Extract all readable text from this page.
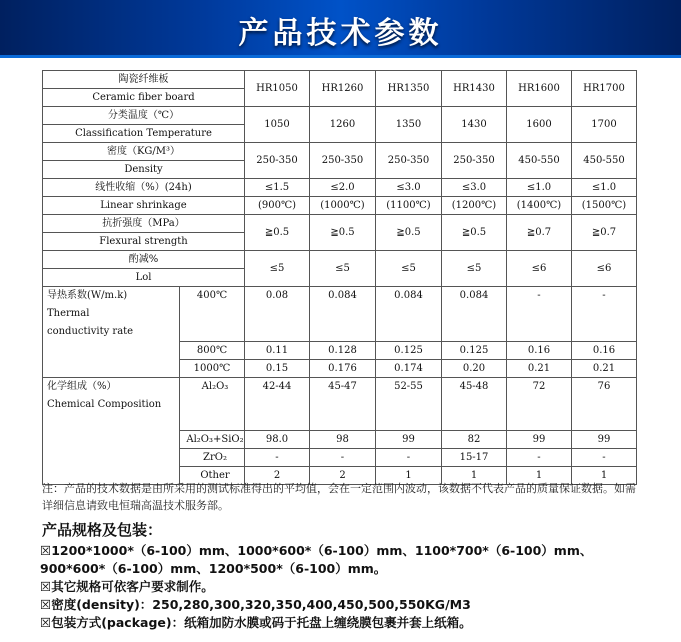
产品技术参数
陶瓷纤维板		HR1050	HR1260	HR1350	HR1430	HR1600	HR1700
Ceramic fiber board							
分类温度（℃）		1050	1260	1350	1430	1600	1700
Classification Temperature							
密度（KG/M³）		250-350	250-350	250-350	250-350	450-550	450-550
Density							
线性收缩（%）(24h)		≤1.5	≤2.0	≤3.0	≤3.0	≤1.0	≤1.0
Linear shrinkage		(900℃)	(1000℃)	(1100℃)	(1200℃)	(1400℃)	(1500℃)
抗折强度（MPa）		≧0.5	≧0.5	≧0.5	≧0.5	≧0.7	≧0.7
Flexural strength							
酌减%		≤5	≤5	≤5	≤5	≤6	≤6
Lol							

导热系数(W/m.k)
Thermal
conductivity rate	400℃	0.08	0.084	0.084	0.084	-	-
	800℃	0.11	0.128	0.125	0.125	0.16	0.16
	1000℃	0.15	0.176	0.174	0.20	0.21	0.21

化学组成（%）
Chemical Composition	Al₂O₃	42-44	45-47	52-55	45-48	72	76
	Al₂O₃+SiO₂	98.0	98	99	82	99	99
	ZrO₂	-	-	-	15-17	-	-
	Other	2	2	1	1	1	1
注：产品的技术数据是由所采用的测试标准得出的平均值，会在一定范围内波动，该数据不代表产品的质量保证数据。如需详细信息请致电恒瑞高温技术服务部。
产品规格及包装：
☒1200*1000*（6-100）mm、1000*600*（6-100）mm、1100*700*（6-100）mm、
900*600*（6-100）mm、1200*500*（6-100）mm。
☒其它规格可依客户要求制作。
☒密度(density)：250,280,300,320,350,400,450,500,550KG/M3
☒包装方式(package)：纸箱加防水膜或码于托盘上缠绕膜包裹并套上纸箱。
